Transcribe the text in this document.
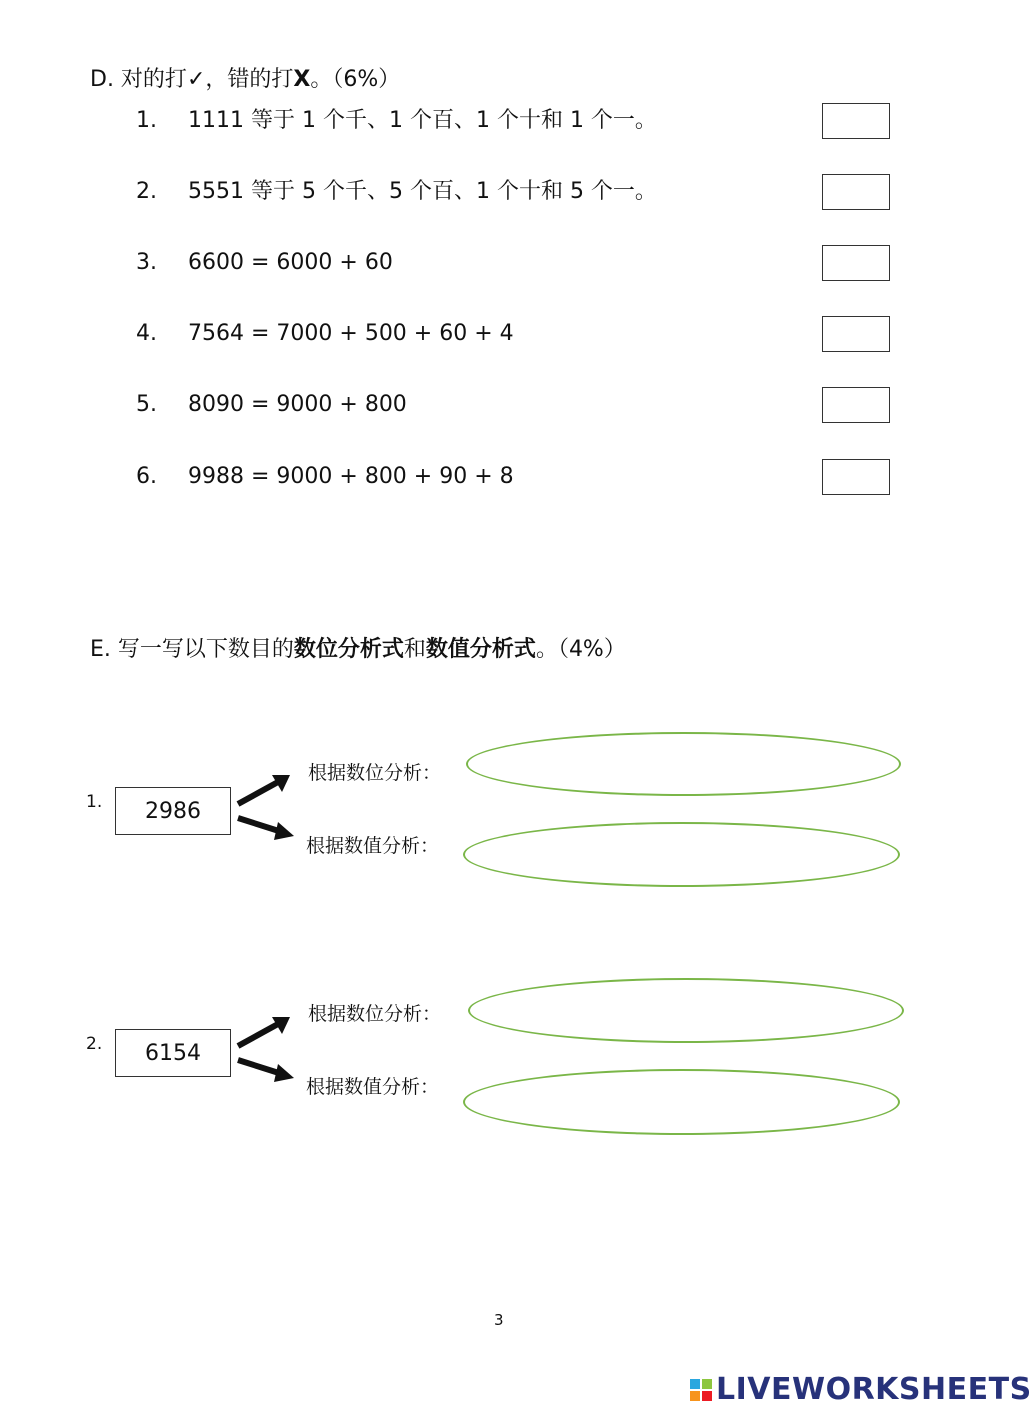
D. 对的打✓，错的打X。（6%）
1. 1111 等于 1 个千、1 个百、1 个十和 1 个一。
2. 5551 等于 5 个千、5 个百、1 个十和 5 个一。
3. 6600 = 6000 + 60
4. 7564 = 7000 + 500 + 60 + 4
5. 8090 = 9000 + 800
6. 9988 = 9000 + 800 + 90 + 8
E. 写一写以下数目的数位分析式和数值分析式。（4%）
1.	2986
根据数位分析：
根据数值分析：
2.	6154
根据数位分析：
根据数值分析：
3
LIVEWORKSHEETS
